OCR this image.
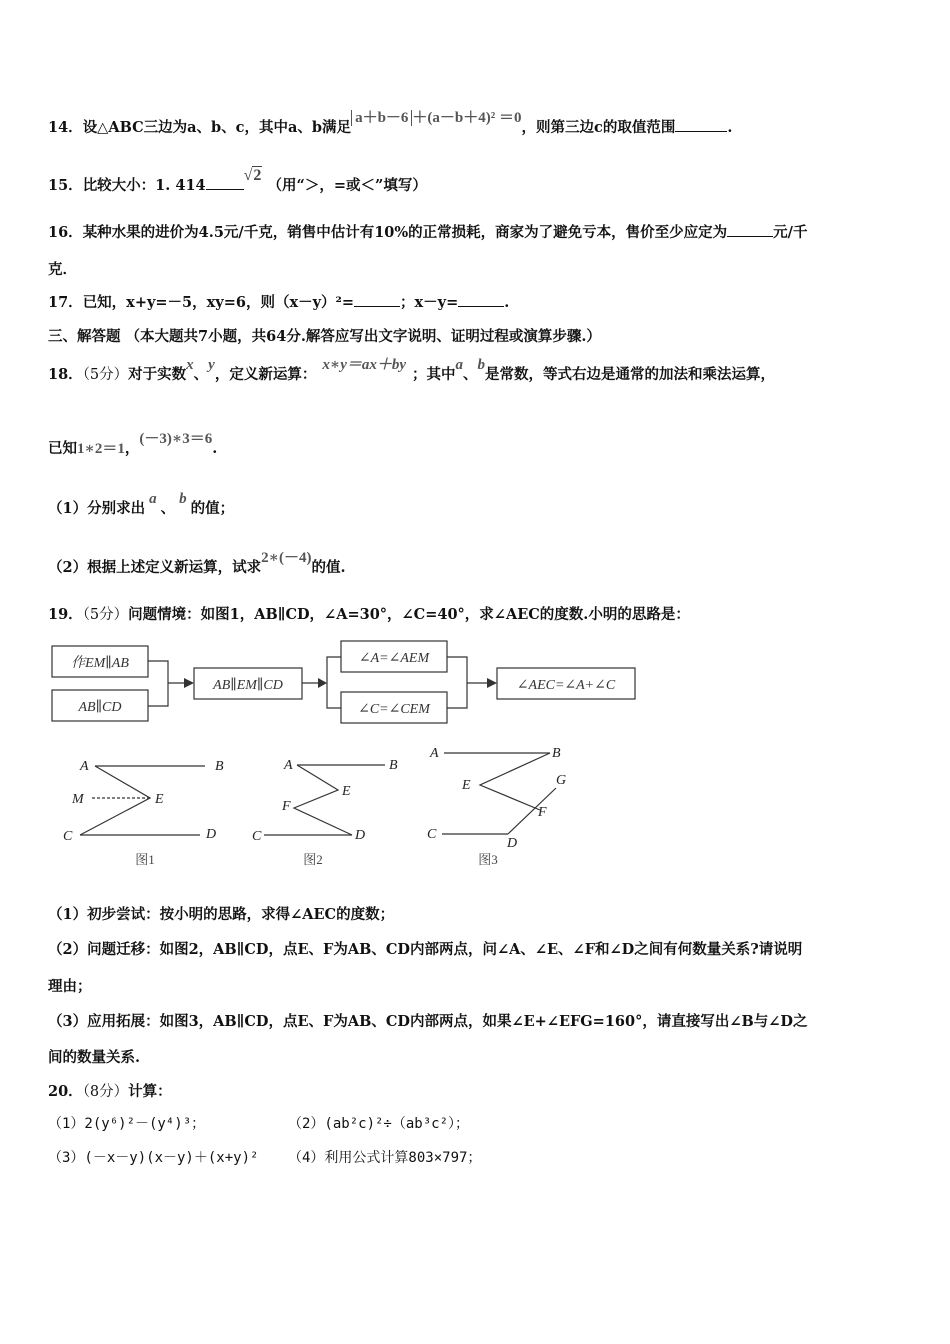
14．设△ABC三边为a、b、c，其中a、b满足a＋b－6 ＋(a－b＋4)² ＝0，则第三边c的取值范围	.
15．比较大小：1. 414√2 （用“＞，=或＜”填写）
16．某种水果的进价为4.5元/千克，销售中估计有10%的正常损耗，商家为了避免亏本，售价至少应定为	元/千
克．
17．已知，x+y=－5，xy=6，则（x－y）²=	；x－y=	.
三、解答题 （本大题共7小题，共64分.解答应写出文字说明、证明过程或演算步骤.）
18．（5分）对于实数x、y，定义新运算：x∗y＝ax＋by；其中a、b是常数，等式右边是通常的加法和乘法运算，
已知1∗2＝1，(－3)∗3＝6.
（1）分别求出a、b的值；
（2）根据上述定义新运算，试求2∗(－4)的值.
19．（5分）问题情境：如图1，AB∥CD，∠A=30°，∠C=40°，求∠AEC的度数.小明的思路是：
作EM∥AB
AB∥CD
AB∥EM∥CD
∠A=∠AEM
∠C=∠CEM
∠AEC=∠A+∠C
A	B
M	E
C	D
图1
A	B
E
F
C	D
图2
A	B
E	G
F
C
D
图3
（1）初步尝试：按小明的思路，求得∠AEC的度数；
（2）问题迁移：如图2，AB∥CD，点E、F为AB、CD内部两点，问∠A、∠E、∠F和∠D之间有何数量关系?请说明
理由；
（3）应用拓展：如图3，AB∥CD，点E、F为AB、CD内部两点，如果∠E+∠EFG=160°，请直接写出∠B与∠D之
间的数量关系.
20．（8分）计算：
（1）2(y⁶)²－(y⁴)³；	（2）(ab²c)²÷（ab³c²）；
（3）(－x－y)(x－y)＋(x+y)² （4）利用公式计算803×797；
